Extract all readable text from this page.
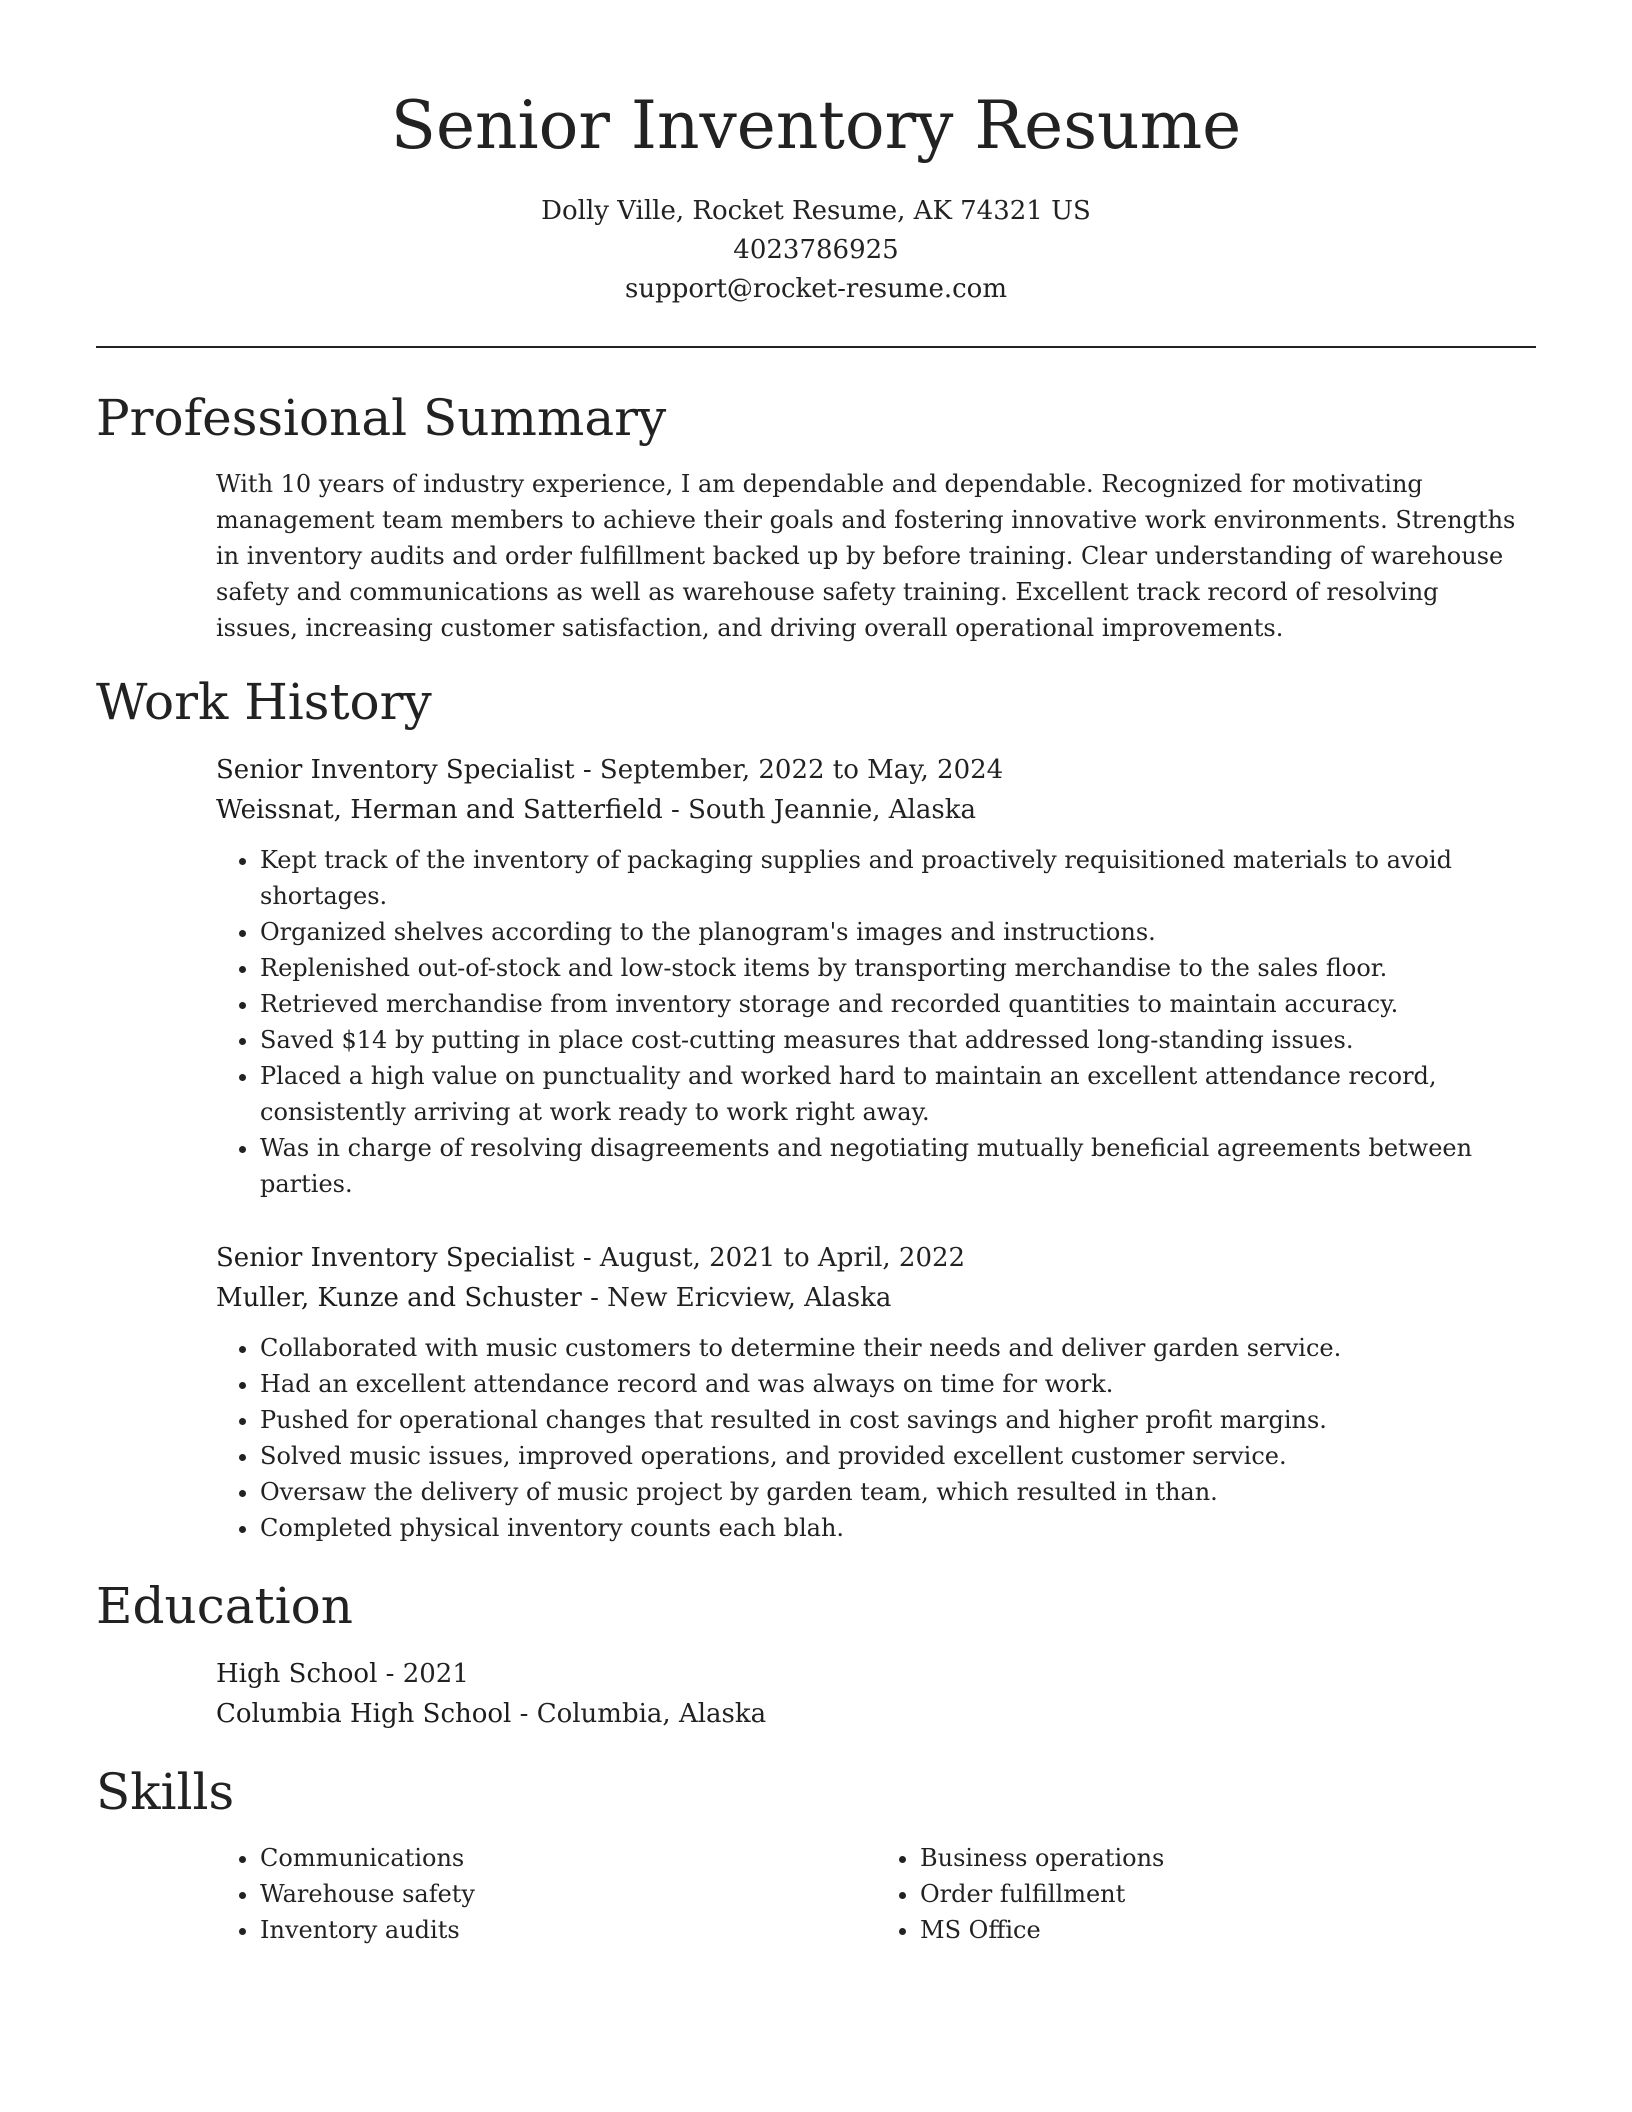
Senior Inventory Resume
Dolly Ville, Rocket Resume, AK 74321 US
4023786925
support@rocket-resume.com
Professional Summary

With 10 years of industry experience, I am dependable and dependable. Recognized for motivating management team members to achieve their goals and fostering innovative work environments. Strengths in inventory audits and order fulfillment backed up by before training. Clear understanding of warehouse safety and communications as well as warehouse safety training. Excellent track record of resolving issues, increasing customer satisfaction, and driving overall operational improvements.

Work History
Senior Inventory Specialist - September, 2022 to May, 2024
Weissnat, Herman and Satterfield - South Jeannie, Alaska
• Kept track of the inventory of packaging supplies and proactively requisitioned materials to avoid shortages.
• Organized shelves according to the planogram's images and instructions.
• Replenished out-of-stock and low-stock items by transporting merchandise to the sales floor.
• Retrieved merchandise from inventory storage and recorded quantities to maintain accuracy.
• Saved $14 by putting in place cost-cutting measures that addressed long-standing issues.
• Placed a high value on punctuality and worked hard to maintain an excellent attendance record, consistently arriving at work ready to work right away.
• Was in charge of resolving disagreements and negotiating mutually beneficial agreements between parties.
Senior Inventory Specialist - August, 2021 to April, 2022
Muller, Kunze and Schuster - New Ericview, Alaska
• Collaborated with music customers to determine their needs and deliver garden service.
• Had an excellent attendance record and was always on time for work.
• Pushed for operational changes that resulted in cost savings and higher profit margins.
• Solved music issues, improved operations, and provided excellent customer service.
• Oversaw the delivery of music project by garden team, which resulted in than.
• Completed physical inventory counts each blah.
Education
High School - 2021
Columbia High School - Columbia, Alaska
Skills
• Communications
• Warehouse safety
• Inventory audits
• Business operations
• Order fulfillment
• MS Office
